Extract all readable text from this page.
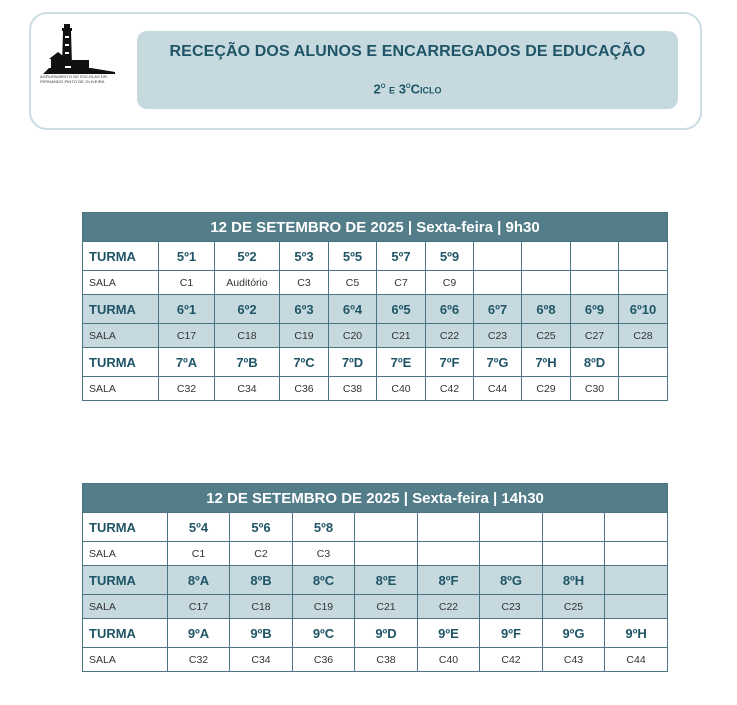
AGRUPAMENTO DE ESCOLAS DR. FERNANDO PINTO DE OLIVEIRA
RECEÇÃO DOS ALUNOS E ENCARREGADOS DE EDUCAÇÃO
2$^o$ e 3$^o$Ciclo
12 DE SETEMBRO DE 2025 | Sexta-feira | 9h30										
TURMA	5º1	5º2	5º3	5º5	5º7	5º9				
SALA	C1	Auditório	C3	C5	C7	C9				
TURMA	6º1	6º2	6º3	6º4	6º5	6º6	6º7	6º8	6º9	6º10
SALA	C17	C18	C19	C20	C21	C22	C23	C25	C27	C28
TURMA	7ºA	7ºB	7ºC	7ºD	7ºE	7ºF	7ºG	7ºH	8ºD	
SALA	C32	C34	C36	C38	C40	C42	C44	C29	C30	
12 DE SETEMBRO DE 2025 | Sexta-feira | 14h30								
TURMA	5º4	5º6	5º8					
SALA	C1	C2	C3					
TURMA	8ºA	8ºB	8ºC	8ºE	8ºF	8ºG	8ºH	
SALA	C17	C18	C19	C21	C22	C23	C25	
TURMA	9ºA	9ºB	9ºC	9ºD	9ºE	9ºF	9ºG	9ºH
SALA	C32	C34	C36	C38	C40	C42	C43	C44
